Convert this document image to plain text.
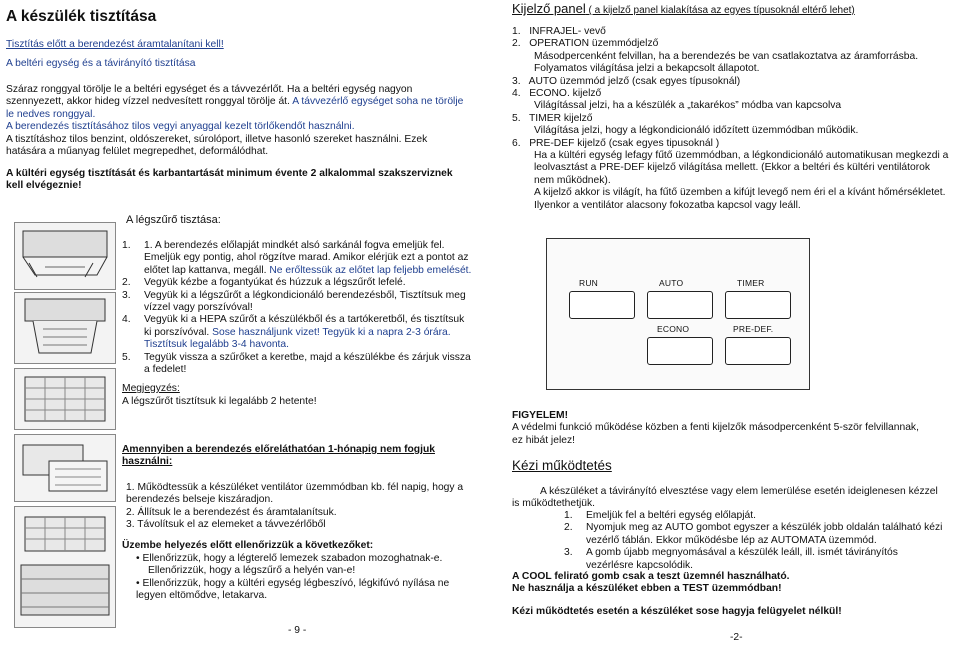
A készülék tisztítása
Tisztítás előtt a berendezést áramtalanítani kell!
A beltéri egység és a távirányító tisztítása
Száraz ronggyal törölje le a beltéri egységet és a távvezérlőt. Ha a beltéri egység nagyon szennyezett, akkor hideg vízzel nedvesített ronggyal törölje át. A távvezérlő egységet soha ne törölje le nedves ronggyal.
A berendezés tisztításához tilos vegyi anyaggal kezelt törlőkendőt használni.
A tisztításhoz tilos benzint, oldószereket, súrolóport, illetve hasonló szereket használni. Ezek hatására a műanyag felület megrepedhet, deformálódhat.
A kültéri egység tisztítását és karbantartását minimum évente 2 alkalommal szakszerviznek kell elvégeznie!
A légszűrő tisztása:
1. 1. A berendezés előlapját mindkét alsó sarkánál fogva emeljük fel. Emeljük egy pontig, ahol rögzítve marad. Amikor elérjük ezt a pontot az előtet lap kattanva, megáll. Ne erőltessük az előtet lap feljebb emelését.
2. Vegyük kézbe a fogantyúkat és húzzuk a légszűrőt lefelé.
3. Vegyük ki a légszűrőt a légkondicionáló berendezésből, Tisztítsuk meg vízzel vagy porszívóval!
4. Vegyük ki a HEPA szűrőt a készülékből és a tartókeretből, és tisztítsuk ki porszívóval. Sose használjunk vizet! Tegyük ki a napra 2-3 órára. Tisztítsuk legalább 3-4 havonta.
5. Tegyük vissza a szűrőket a keretbe, majd a készülékbe és zárjuk vissza a fedelet!
Megjegyzés:
A légszűrőt tisztítsuk ki legalább 2 hetente!
Amennyiben a berendezés előreláthatóan 1-hónapig nem fogjuk használni:
1. Működtessük a készüléket ventilátor üzemmódban kb. fél napig, hogy a berendezés belseje kiszáradjon.
2. Állítsuk le a berendezést és áramtalanítsuk.
3. Távolítsuk el az elemeket a távvezérlőből
Üzembe helyezés előtt ellenőrizzük a következőket:
• Ellenőrizzük, hogy a légterelő lemezek szabadon mozoghatnak-e.
Ellenőrizzük, hogy a légszűrő a helyén van-e!
• Ellenőrizzük, hogy a kültéri egység légbeszívó, légkifúvó nyílása ne legyen eltömődve, letakarva.
- 9 -
Kijelző panel ( a kijelző panel kialakítása az egyes típusoknál eltérő lehet)
1. INFRAJEL- vevő
2. OPERATION üzemmódjelző
Másodpercenként felvillan, ha a berendezés be van csatlakoztatva az áramforrásba. Folyamatos világítása jelzi a bekapcsolt állapotot.
3. AUTO üzemmód jelző (csak egyes típusoknál)
4. ECONO. kijelző
Világítással jelzi, ha a készülék a „takarékos” módba van kapcsolva
5. TIMER kijelző
Világítása jelzi, hogy a légkondicionáló időzített üzemmódban működik.
6. PRE-DEF kijelző (csak egyes tipusoknál )
Ha a kültéri egység lefagy fűtő üzemmódban, a légkondicionáló automatikusan megkezdi a leolvasztást a PRE-DEF kijelző világítása mellett. (Ekkor a beltéri és kültéri ventilátorok nem működnek).
A kijelző akkor is világít, ha fűtő üzemben a kifújt levegő nem éri el a kívánt hőmérsékletet.
Ilyenkor a ventilátor alacsony fokozatba kapcsol vagy leáll.
RUN	AUTO	TIMER
ECONO	PRE-DEF.
FIGYELEM!
A védelmi funkció működése közben a fenti kijelzők másodpercenként 5-ször felvillannak, ez hibát jelez!
Kézi működtetés
A készüléket a távirányító elvesztése vagy elem lemerülése esetén ideiglenesen kézzel is működtethetjük.
1. Emeljük fel a beltéri egység előlapját.
2. Nyomjuk meg az AUTO gombot egyszer a készülék jobb oldalán található kézi vezérlő táblán. Ekkor működésbe lép az AUTOMATA üzemmód.
3. A gomb újabb megnyomásával a készülék leáll, ill. ismét távirányítós vezérlésre kapcsolódik.
A COOL felirató gomb csak a teszt üzemnél használható.
Ne használja a készüléket ebben a TEST üzemmódban!
Kézi működtetés esetén a készüléket sose hagyja felügyelet nélkül!
-2-
